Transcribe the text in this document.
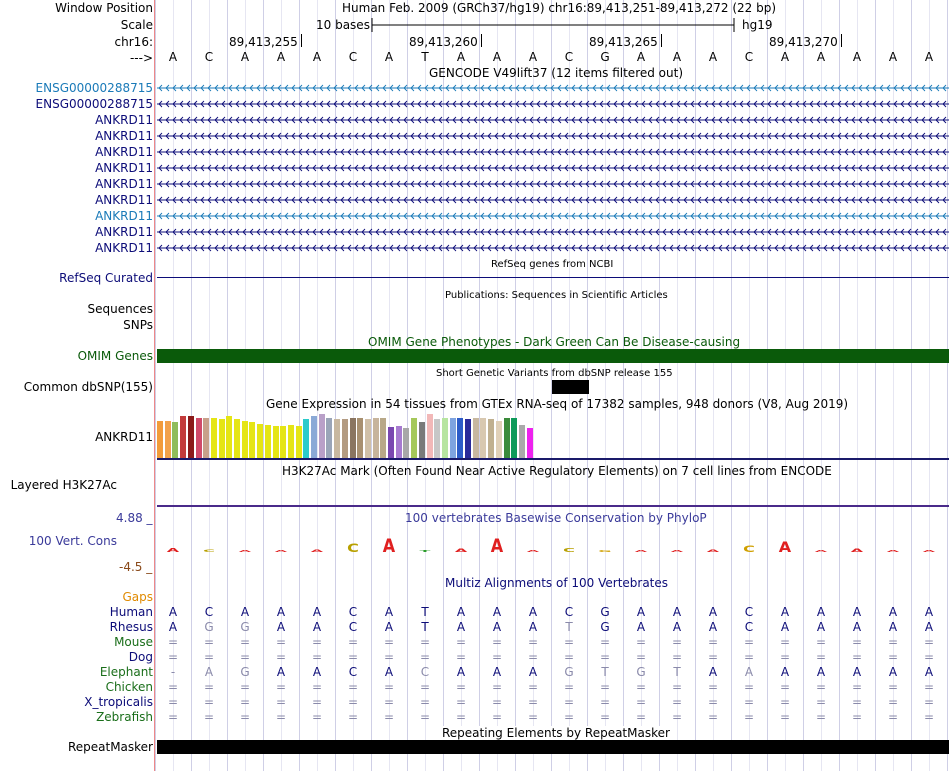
Window Position	Human Feb. 2009 (GRCh37/hg19) chr16:89,413,251-89,413,272 (22 bp)
Scale	10 bases	hg19
chr16:	89,413,255	89,413,260	89,413,265	89,413,270
--->	A	C	A	A	A	C	A	T	A	A	A	C	G	A	A	A	C	A	A	A	A	A
GENCODE V49lift37 (12 items filtered out)
ENSG00000288715
ENSG00000288715
ANKRD11
ANKRD11
ANKRD11
ANKRD11
ANKRD11
ANKRD11
ANKRD11
ANKRD11
ANKRD11
RefSeq genes from NCBI
RefSeq Curated
Publications: Sequences in Scientific Articles
Sequences
SNPs
OMIM Gene Phenotypes - Dark Green Can Be Disease-causing
OMIM Genes
Short Genetic Variants from dbSNP release 155
Common dbSNP(155)
Gene Expression in 54 tissues from GTEx RNA-seq of 17382 samples, 948 donors (V8, Aug 2019)
ANKRD11
H3K27Ac Mark (Often Found Near Active Regulatory Elements) on 7 cell lines from ENCODE
Layered H3K27Ac
100 vertebrates Basewise Conservation by PhyloP
4.88 _
100 Vert. Cons
-4.5 _
A C A A A C A T A A A C G A A A C A A A A A
Multiz Alignments of 100 Vertebrates
Gaps
Human	A	C	A	A	A	C	A	T	A	A	A	C	G	A	A	A	C	A	A	A	A	A
Rhesus	A	G	G	A	A	C	A	T	A	A	A	T	G	A	A	A	C	A	A	A	A	A
Mouse	=	=	=	=	=	=	=	=	=	=	=	=	=	=	=	=	=	=	=	=	=	=
Dog	=	=	=	=	=	=	=	=	=	=	=	=	=	=	=	=	=	=	=	=	=	=
Elephant	-	A	G	A	A	C	A	C	A	A	A	G	T	G	T	A	A	A	A	A	A	A
Chicken	=	=	=	=	=	=	=	=	=	=	=	=	=	=	=	=	=	=	=	=	=	=
X_tropicalis	=	=	=	=	=	=	=	=	=	=	=	=	=	=	=	=	=	=	=	=	=	=
Zebrafish	=	=	=	=	=	=	=	=	=	=	=	=	=	=	=	=	=	=	=	=	=	=
RepeatMasker
Repeating Elements by RepeatMasker
